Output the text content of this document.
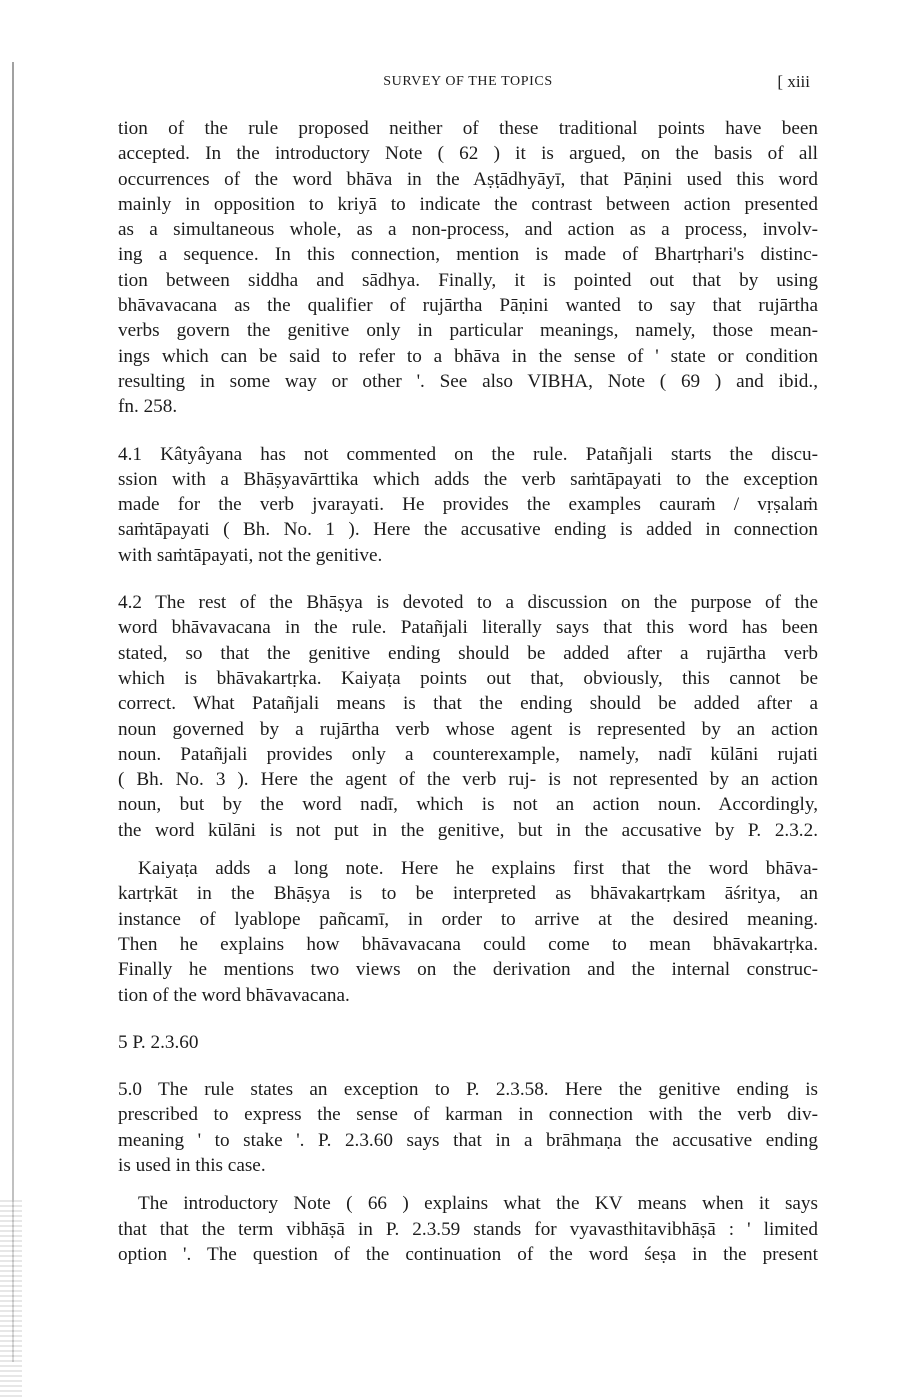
SURVEY OF THE TOPICS	[ xiii
tion of the rule proposed neither of these traditional points have been
accepted. In the introductory Note ( 62 ) it is argued, on the basis of all
occurrences of the word bhāva in the Aṣṭādhyāyī, that Pāṇini used this word
mainly in opposition to kriyā to indicate the contrast between action presented
as a simultaneous whole, as a non-process, and action as a process, involv-
ing a sequence. In this connection, mention is made of Bhartṛhari's distinc-
tion between siddha and sādhya. Finally, it is pointed out that by using
bhāvavacana as the qualifier of rujārtha Pāṇini wanted to say that rujārtha
verbs govern the genitive only in particular meanings, namely, those mean-
ings which can be said to refer to a bhāva in the sense of ' state or condition
resulting in some way or other '. See also VIBHA, Note ( 69 ) and ibid.,
fn. 258.
4.1 Kâtyâyana has not commented on the rule. Patañjali starts the discu-
ssion with a Bhāṣyavārttika which adds the verb saṁtāpayati to the exception
made for the verb jvarayati. He provides the examples cauraṁ / vṛṣalaṁ
saṁtāpayati ( Bh. No. 1 ). Here the accusative ending is added in connection
with saṁtāpayati, not the genitive.
4.2 The rest of the Bhāṣya is devoted to a discussion on the purpose of the
word bhāvavacana in the rule. Patañjali literally says that this word has been
stated, so that the genitive ending should be added after a rujārtha verb
which is bhāvakartṛka. Kaiyaṭa points out that, obviously, this cannot be
correct. What Patañjali means is that the ending should be added after a
noun governed by a rujārtha verb whose agent is represented by an action
noun. Patañjali provides only a counterexample, namely, nadī kūlāni rujati
( Bh. No. 3 ). Here the agent of the verb ruj- is not represented by an action
noun, but by the word nadī, which is not an action noun. Accordingly,
the word kūlāni is not put in the genitive, but in the accusative by P. 2.3.2.
Kaiyaṭa adds a long note. Here he explains first that the word bhāva-
kartṛkāt in the Bhāṣya is to be interpreted as bhāvakartṛkam āśritya, an
instance of lyablope pañcamī, in order to arrive at the desired meaning.
Then he explains how bhāvavacana could come to mean bhāvakartṛka.
Finally he mentions two views on the derivation and the internal construc-
tion of the word bhāvavacana.
5 P. 2.3.60
5.0 The rule states an exception to P. 2.3.58. Here the genitive ending is
prescribed to express the sense of karman in connection with the verb div-
meaning ' to stake '. P. 2.3.60 says that in a brāhmaṇa the accusative ending
is used in this case.
The introductory Note ( 66 ) explains what the KV means when it says
that that the term vibhāṣā in P. 2.3.59 stands for vyavasthitavibhāṣā : ' limited
option '. The question of the continuation of the word śeṣa in the present
